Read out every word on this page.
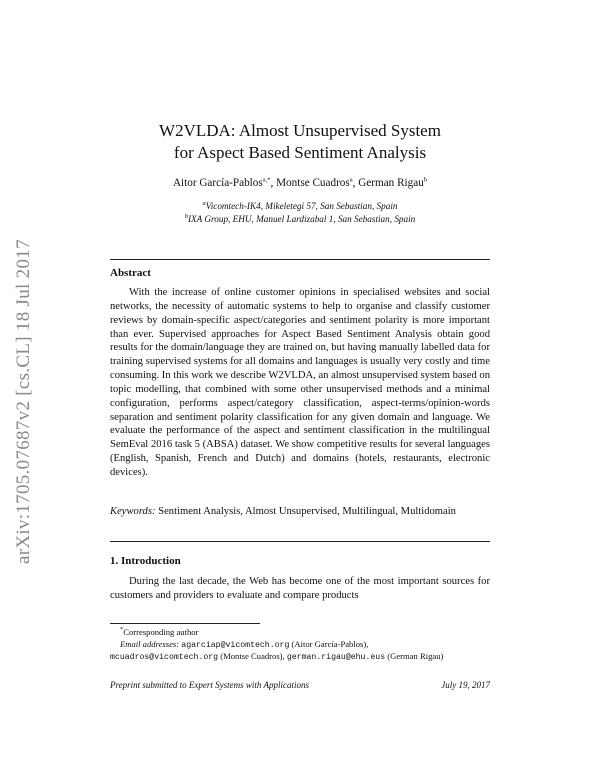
arXiv:1705.07687v2 [cs.CL] 18 Jul 2017
W2VLDA: Almost Unsupervised System
for Aspect Based Sentiment Analysis
Aitor García-Pablos$^{a,*}$, Montse Cuadros$^a$, German Rigau$^b$
$^a$Vicomtech-IK4, Mikeletegi 57, San Sebastian, Spain
$^b$IXA Group, EHU, Manuel Lardizabal 1, San Sebastian, Spain
Abstract

With the increase of online customer opinions in specialised websites and social networks, the necessity of automatic systems to help to organise and classify customer reviews by domain-specific aspect/categories and sentiment polarity is more important than ever. Supervised approaches for Aspect Based Sentiment Analysis obtain good results for the domain/language they are trained on, but having manually labelled data for training supervised systems for all domains and languages is usually very costly and time consuming. In this work we describe W2VLDA, an almost unsupervised system based on topic modelling, that combined with some other unsupervised methods and a minimal configuration, performs aspect/category classification, aspect-terms/opinion-words separation and sentiment polarity classification for any given domain and language. We evaluate the performance of the aspect and sentiment classification in the multilingual SemEval 2016 task 5 (ABSA) dataset. We show competitive results for several languages (English, Spanish, French and Dutch) and domains (hotels, restaurants, electronic devices).

Keywords: Sentiment Analysis, Almost Unsupervised, Multilingual, Multidomain

1. Introduction

During the last decade, the Web has become one of the most important sources for customers and providers to evaluate and compare products

*Corresponding author
Email addresses: agarciap@vicomtech.org (Aitor García-Pablos),
mcuadros@vicomtech.org (Montse Cuadros), german.rigau@ehu.eus (German Rigau)
Preprint submitted to Expert Systems with Applications	July 19, 2017
